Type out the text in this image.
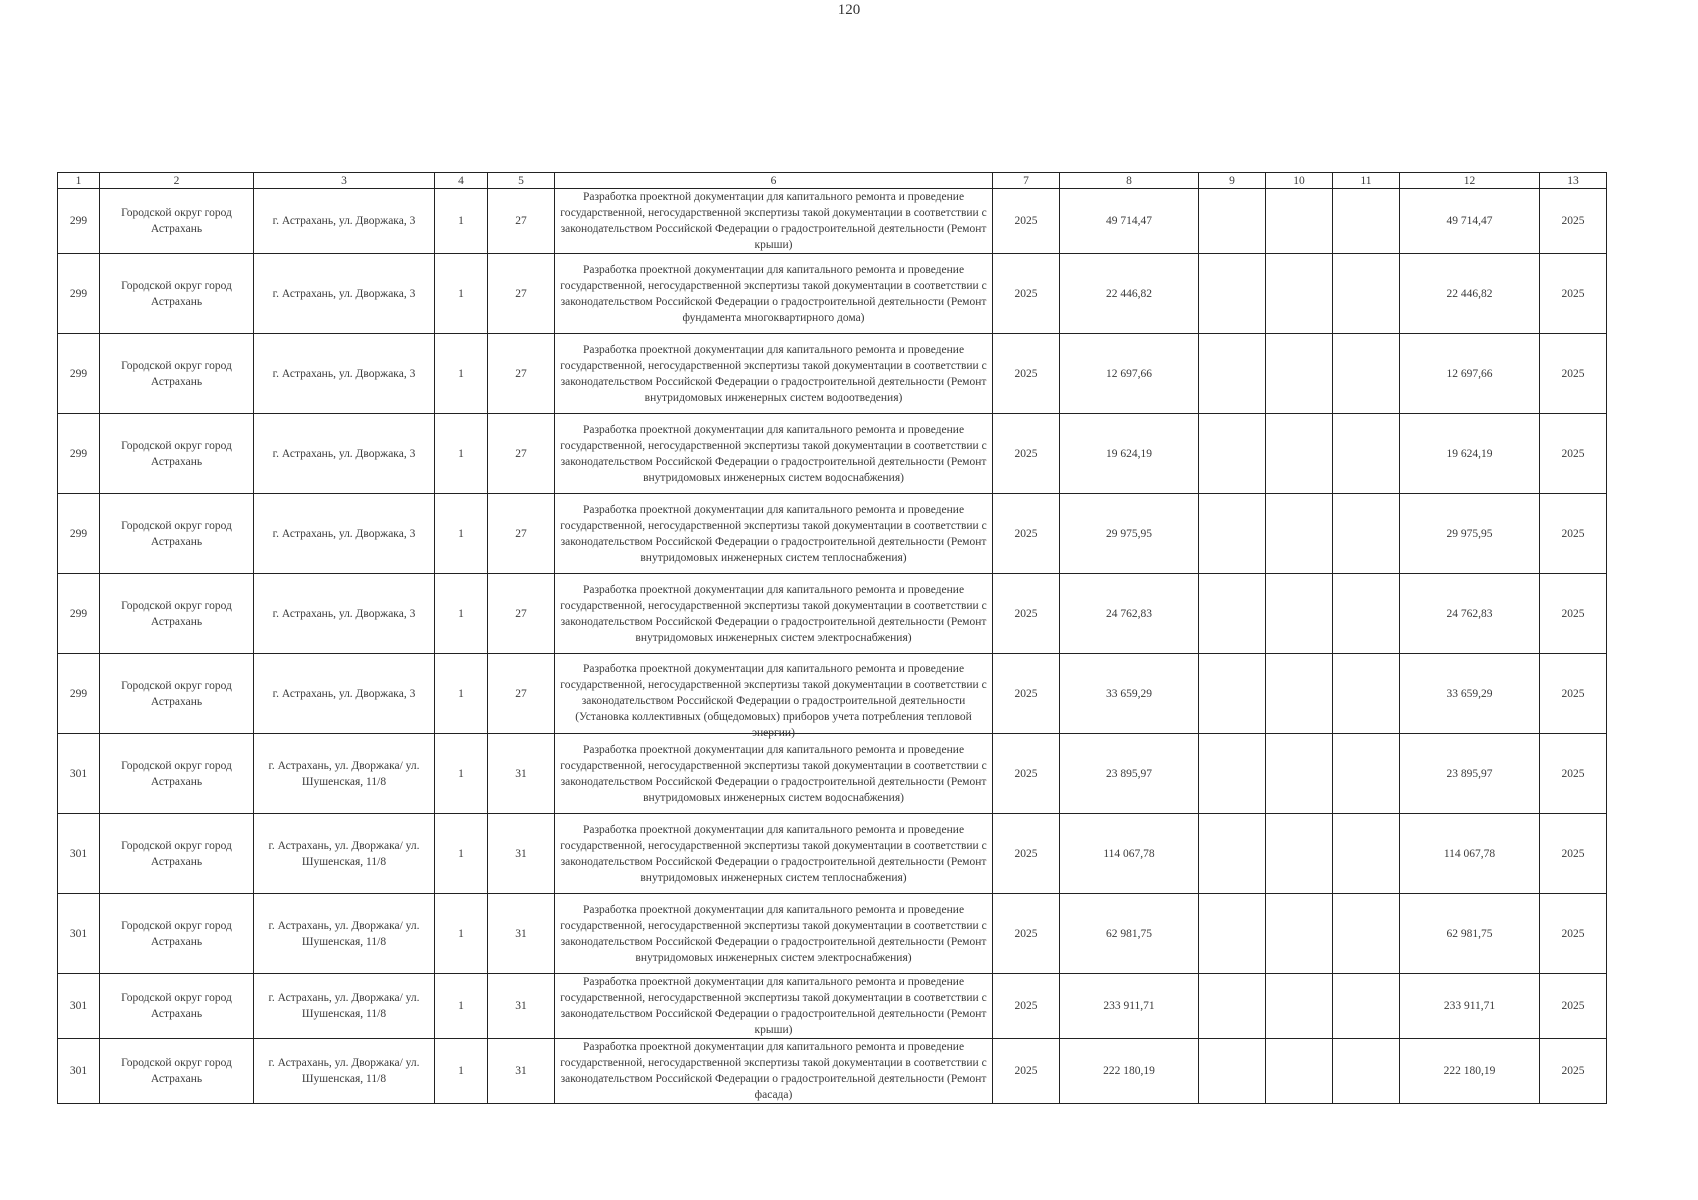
120
1	2	3	4	5	6	7	8	9	10	11	12	13
299	Городской округ город Астрахань	г. Астрахань, ул. Дворжака, 3	1	27	Разработка проектной документации для капитального ремонта и проведение государственной, негосударственной экспертизы такой документации в соответствии с законодательством Российской Федерации о градостроительной деятельности (Ремонт крыши)	2025	49 714,47				49 714,47	2025
299	Городской округ город Астрахань	г. Астрахань, ул. Дворжака, 3	1	27	Разработка проектной документации для капитального ремонта и проведение государственной, негосударственной экспертизы такой документации в соответствии с законодательством Российской Федерации о градостроительной деятельности (Ремонт фундамента многоквартирного дома)	2025	22 446,82				22 446,82	2025
299	Городской округ город Астрахань	г. Астрахань, ул. Дворжака, 3	1	27	Разработка проектной документации для капитального ремонта и проведение государственной, негосударственной экспертизы такой документации в соответствии с законодательством Российской Федерации о градостроительной деятельности (Ремонт внутридомовых инженерных систем водоотведения)	2025	12 697,66				12 697,66	2025
299	Городской округ город Астрахань	г. Астрахань, ул. Дворжака, 3	1	27	Разработка проектной документации для капитального ремонта и проведение государственной, негосударственной экспертизы такой документации в соответствии с законодательством Российской Федерации о градостроительной деятельности (Ремонт внутридомовых инженерных систем водоснабжения)	2025	19 624,19				19 624,19	2025
299	Городской округ город Астрахань	г. Астрахань, ул. Дворжака, 3	1	27	Разработка проектной документации для капитального ремонта и проведение государственной, негосударственной экспертизы такой документации в соответствии с законодательством Российской Федерации о градостроительной деятельности (Ремонт внутридомовых инженерных систем теплоснабжения)	2025	29 975,95				29 975,95	2025
299	Городской округ город Астрахань	г. Астрахань, ул. Дворжака, 3	1	27	Разработка проектной документации для капитального ремонта и проведение государственной, негосударственной экспертизы такой документации в соответствии с законодательством Российской Федерации о градостроительной деятельности (Ремонт внутридомовых инженерных систем электроснабжения)	2025	24 762,83				24 762,83	2025
299	Городской округ город Астрахань	г. Астрахань, ул. Дворжака, 3	1	27	Разработка проектной документации для капитального ремонта и проведение государственной, негосударственной экспертизы такой документации в соответствии с законодательством Российской Федерации о градостроительной деятельности (Установка коллективных (общедомовых) приборов учета потребления тепловой энергии)	2025	33 659,29				33 659,29	2025
301	Городской округ город Астрахань	г. Астрахань, ул. Дворжака/ ул. Шушенская, 11/8	1	31	Разработка проектной документации для капитального ремонта и проведение государственной, негосударственной экспертизы такой документации в соответствии с законодательством Российской Федерации о градостроительной деятельности (Ремонт внутридомовых инженерных систем водоснабжения)	2025	23 895,97				23 895,97	2025
301	Городской округ город Астрахань	г. Астрахань, ул. Дворжака/ ул. Шушенская, 11/8	1	31	Разработка проектной документации для капитального ремонта и проведение государственной, негосударственной экспертизы такой документации в соответствии с законодательством Российской Федерации о градостроительной деятельности (Ремонт внутридомовых инженерных систем теплоснабжения)	2025	114 067,78				114 067,78	2025
301	Городской округ город Астрахань	г. Астрахань, ул. Дворжака/ ул. Шушенская, 11/8	1	31	Разработка проектной документации для капитального ремонта и проведение государственной, негосударственной экспертизы такой документации в соответствии с законодательством Российской Федерации о градостроительной деятельности (Ремонт внутридомовых инженерных систем электроснабжения)	2025	62 981,75				62 981,75	2025
301	Городской округ город Астрахань	г. Астрахань, ул. Дворжака/ ул. Шушенская, 11/8	1	31	Разработка проектной документации для капитального ремонта и проведение государственной, негосударственной экспертизы такой документации в соответствии с законодательством Российской Федерации о градостроительной деятельности (Ремонт крыши)	2025	233 911,71				233 911,71	2025
301	Городской округ город Астрахань	г. Астрахань, ул. Дворжака/ ул. Шушенская, 11/8	1	31	Разработка проектной документации для капитального ремонта и проведение государственной, негосударственной экспертизы такой документации в соответствии с законодательством Российской Федерации о градостроительной деятельности (Ремонт фасада)	2025	222 180,19				222 180,19	2025
